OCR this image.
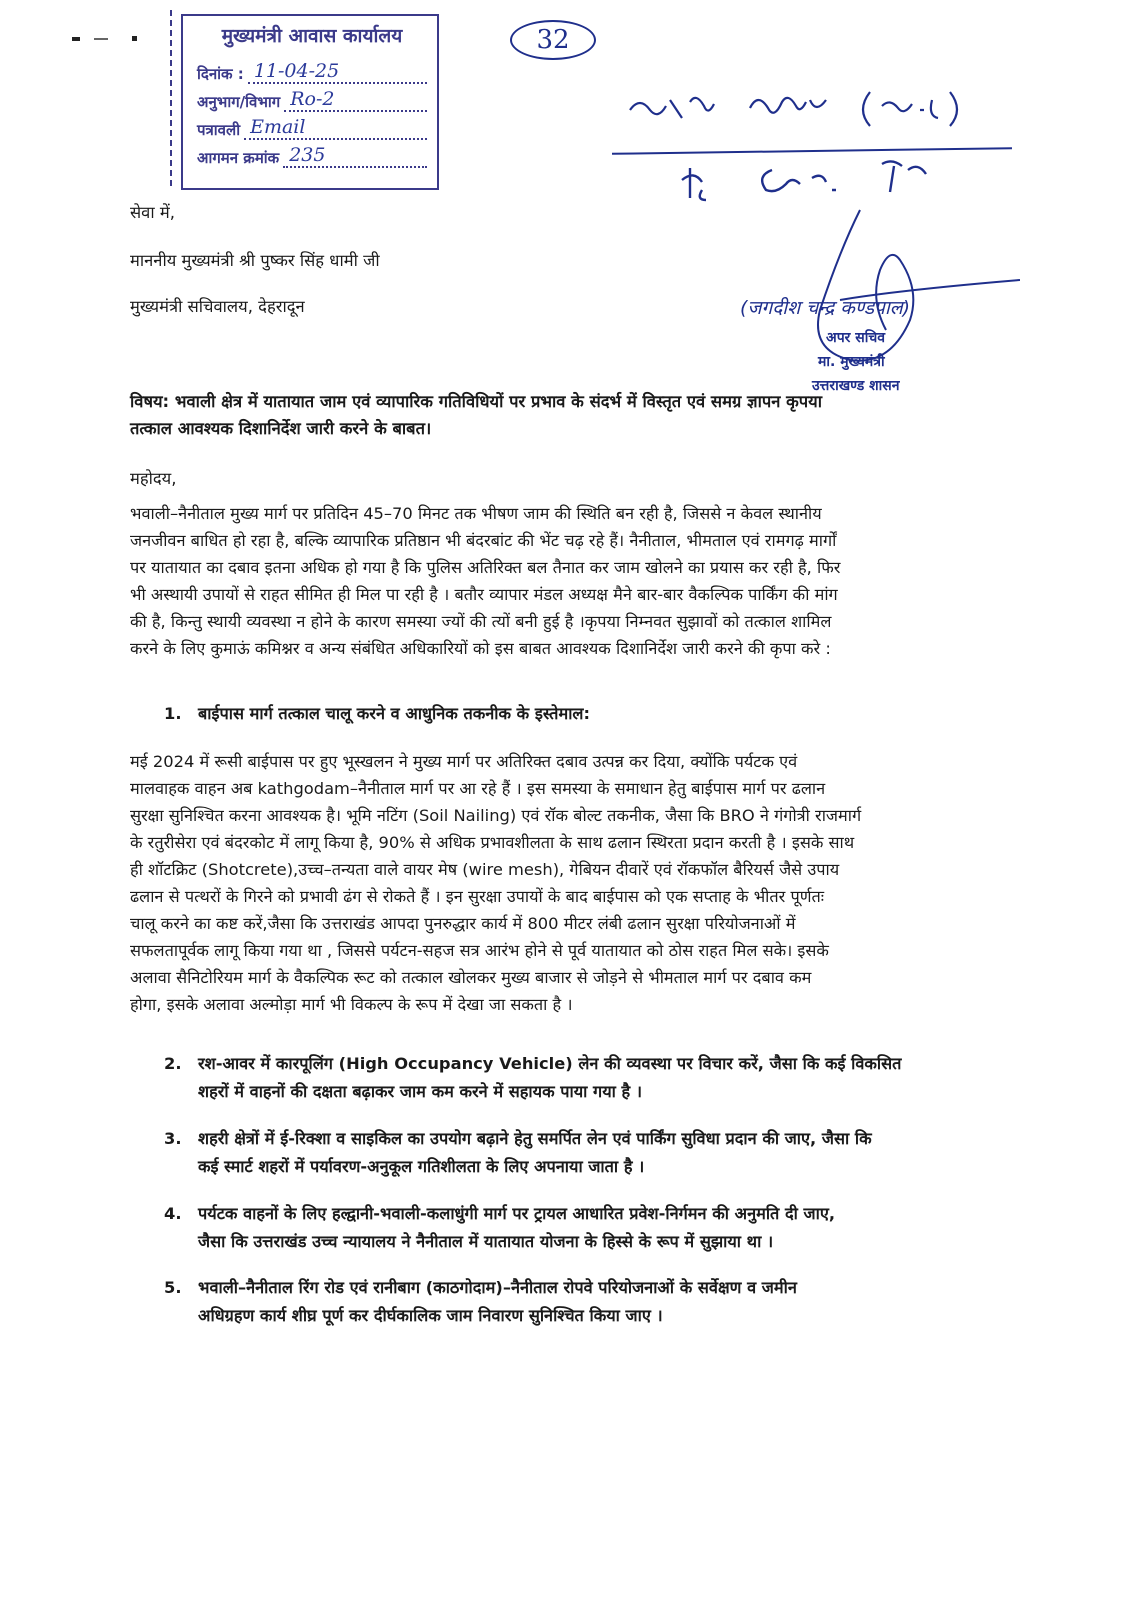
मुख्यमंत्री आवास कार्यालय
दिनांक : 11-04-25
अनुभाग/विभाग Ro-2
पत्रावली Email
आगमन क्रमांक 235
32
(जगदीश चन्द्र कण्डपाल)
अपर सचिव
मा. मुख्यमंत्री
उत्तराखण्ड शासन
सेवा में,
माननीय मुख्यमंत्री श्री पुष्कर सिंह धामी जी
मुख्यमंत्री सचिवालय, देहरादून
विषय: भवाली क्षेत्र में यातायात जाम एवं व्यापारिक गतिविधियों पर प्रभाव के संदर्भ में विस्तृत एवं समग्र ज्ञापन कृपया
तत्काल आवश्यक दिशानिर्देश जारी करने के बाबत।
महोदय,
भवाली–नैनीताल मुख्य मार्ग पर प्रतिदिन 45–70 मिनट तक भीषण जाम की स्थिति बन रही है, जिससे न केवल स्थानीय
जनजीवन बाधित हो रहा है, बल्कि व्यापारिक प्रतिष्ठान भी बंदरबांट की भेंट चढ़ रहे हैं। नैनीताल, भीमताल एवं रामगढ़ मार्गों
पर यातायात का दबाव इतना अधिक हो गया है कि पुलिस अतिरिक्त बल तैनात कर जाम खोलने का प्रयास कर रही है, फिर
भी अस्थायी उपायों से राहत सीमित ही मिल पा रही है । बतौर व्यापार मंडल अध्यक्ष मैने बार-बार वैकल्पिक पार्किंग की मांग
की है, किन्तु स्थायी व्यवस्था न होने के कारण समस्या ज्यों की त्यों बनी हुई है ।कृपया निम्नवत सुझावों को तत्काल शामिल
करने के लिए कुमाऊं कमिश्नर व अन्य संबंधित अधिकारियों को इस बाबत आवश्यक दिशानिर्देश जारी करने की कृपा करे :
1. बाईपास मार्ग तत्काल चालू करने व आधुनिक तकनीक के इस्तेमाल:
मई 2024 में रूसी बाईपास पर हुए भूस्खलन ने मुख्य मार्ग पर अतिरिक्त दबाव उत्पन्न कर दिया, क्योंकि पर्यटक एवं
मालवाहक वाहन अब kathgodam–नैनीताल मार्ग पर आ रहे हैं । इस समस्या के समाधान हेतु बाईपास मार्ग पर ढलान
सुरक्षा सुनिश्चित करना आवश्यक है। भूमि नटिंग (Soil Nailing) एवं रॉक बोल्ट तकनीक, जैसा कि BRO ने गंगोत्री राजमार्ग
के रतुरीसेरा एवं बंदरकोट में लागू किया है, 90% से अधिक प्रभावशीलता के साथ ढलान स्थिरता प्रदान करती है । इसके साथ
ही शॉटक्रिट (Shotcrete),उच्च–तन्यता वाले वायर मेष (wire mesh), गेबियन दीवारें एवं रॉकफॉल बैरियर्स जैसे उपाय
ढलान से पत्थरों के गिरने को प्रभावी ढंग से रोकते हैं । इन सुरक्षा उपायों के बाद बाईपास को एक सप्ताह के भीतर पूर्णतः
चालू करने का कष्ट करें,जैसा कि उत्तराखंड आपदा पुनरुद्धार कार्य में 800 मीटर लंबी ढलान सुरक्षा परियोजनाओं में
सफलतापूर्वक लागू किया गया था , जिससे पर्यटन-सहज सत्र आरंभ होने से पूर्व यातायात को ठोस राहत मिल सके। इसके
अलावा सैनिटोरियम मार्ग के वैकल्पिक रूट को तत्काल खोलकर मुख्य बाजार से जोड़ने से भीमताल मार्ग पर दबाव कम
होगा, इसके अलावा अल्मोड़ा मार्ग भी विकल्प के रूप में देखा जा सकता है ।
2. रश-आवर में कारपूलिंग (High Occupancy Vehicle) लेन की व्यवस्था पर विचार करें, जैसा कि कई विकसित
शहरों में वाहनों की दक्षता बढ़ाकर जाम कम करने में सहायक पाया गया है ।
3. शहरी क्षेत्रों में ई-रिक्शा व साइकिल का उपयोग बढ़ाने हेतु समर्पित लेन एवं पार्किंग सुविधा प्रदान की जाए, जैसा कि
कई स्मार्ट शहरों में पर्यावरण-अनुकूल गतिशीलता के लिए अपनाया जाता है ।
4. पर्यटक वाहनों के लिए हल्द्वानी-भवाली-कलाधुंगी मार्ग पर ट्रायल आधारित प्रवेश-निर्गमन की अनुमति दी जाए,
जैसा कि उत्तराखंड उच्च न्यायालय ने नैनीताल में यातायात योजना के हिस्से के रूप में सुझाया था ।
5. भवाली–नैनीताल रिंग रोड एवं रानीबाग (काठगोदाम)–नैनीताल रोपवे परियोजनाओं के सर्वेक्षण व जमीन
अधिग्रहण कार्य शीघ्र पूर्ण कर दीर्घकालिक जाम निवारण सुनिश्चित किया जाए ।
